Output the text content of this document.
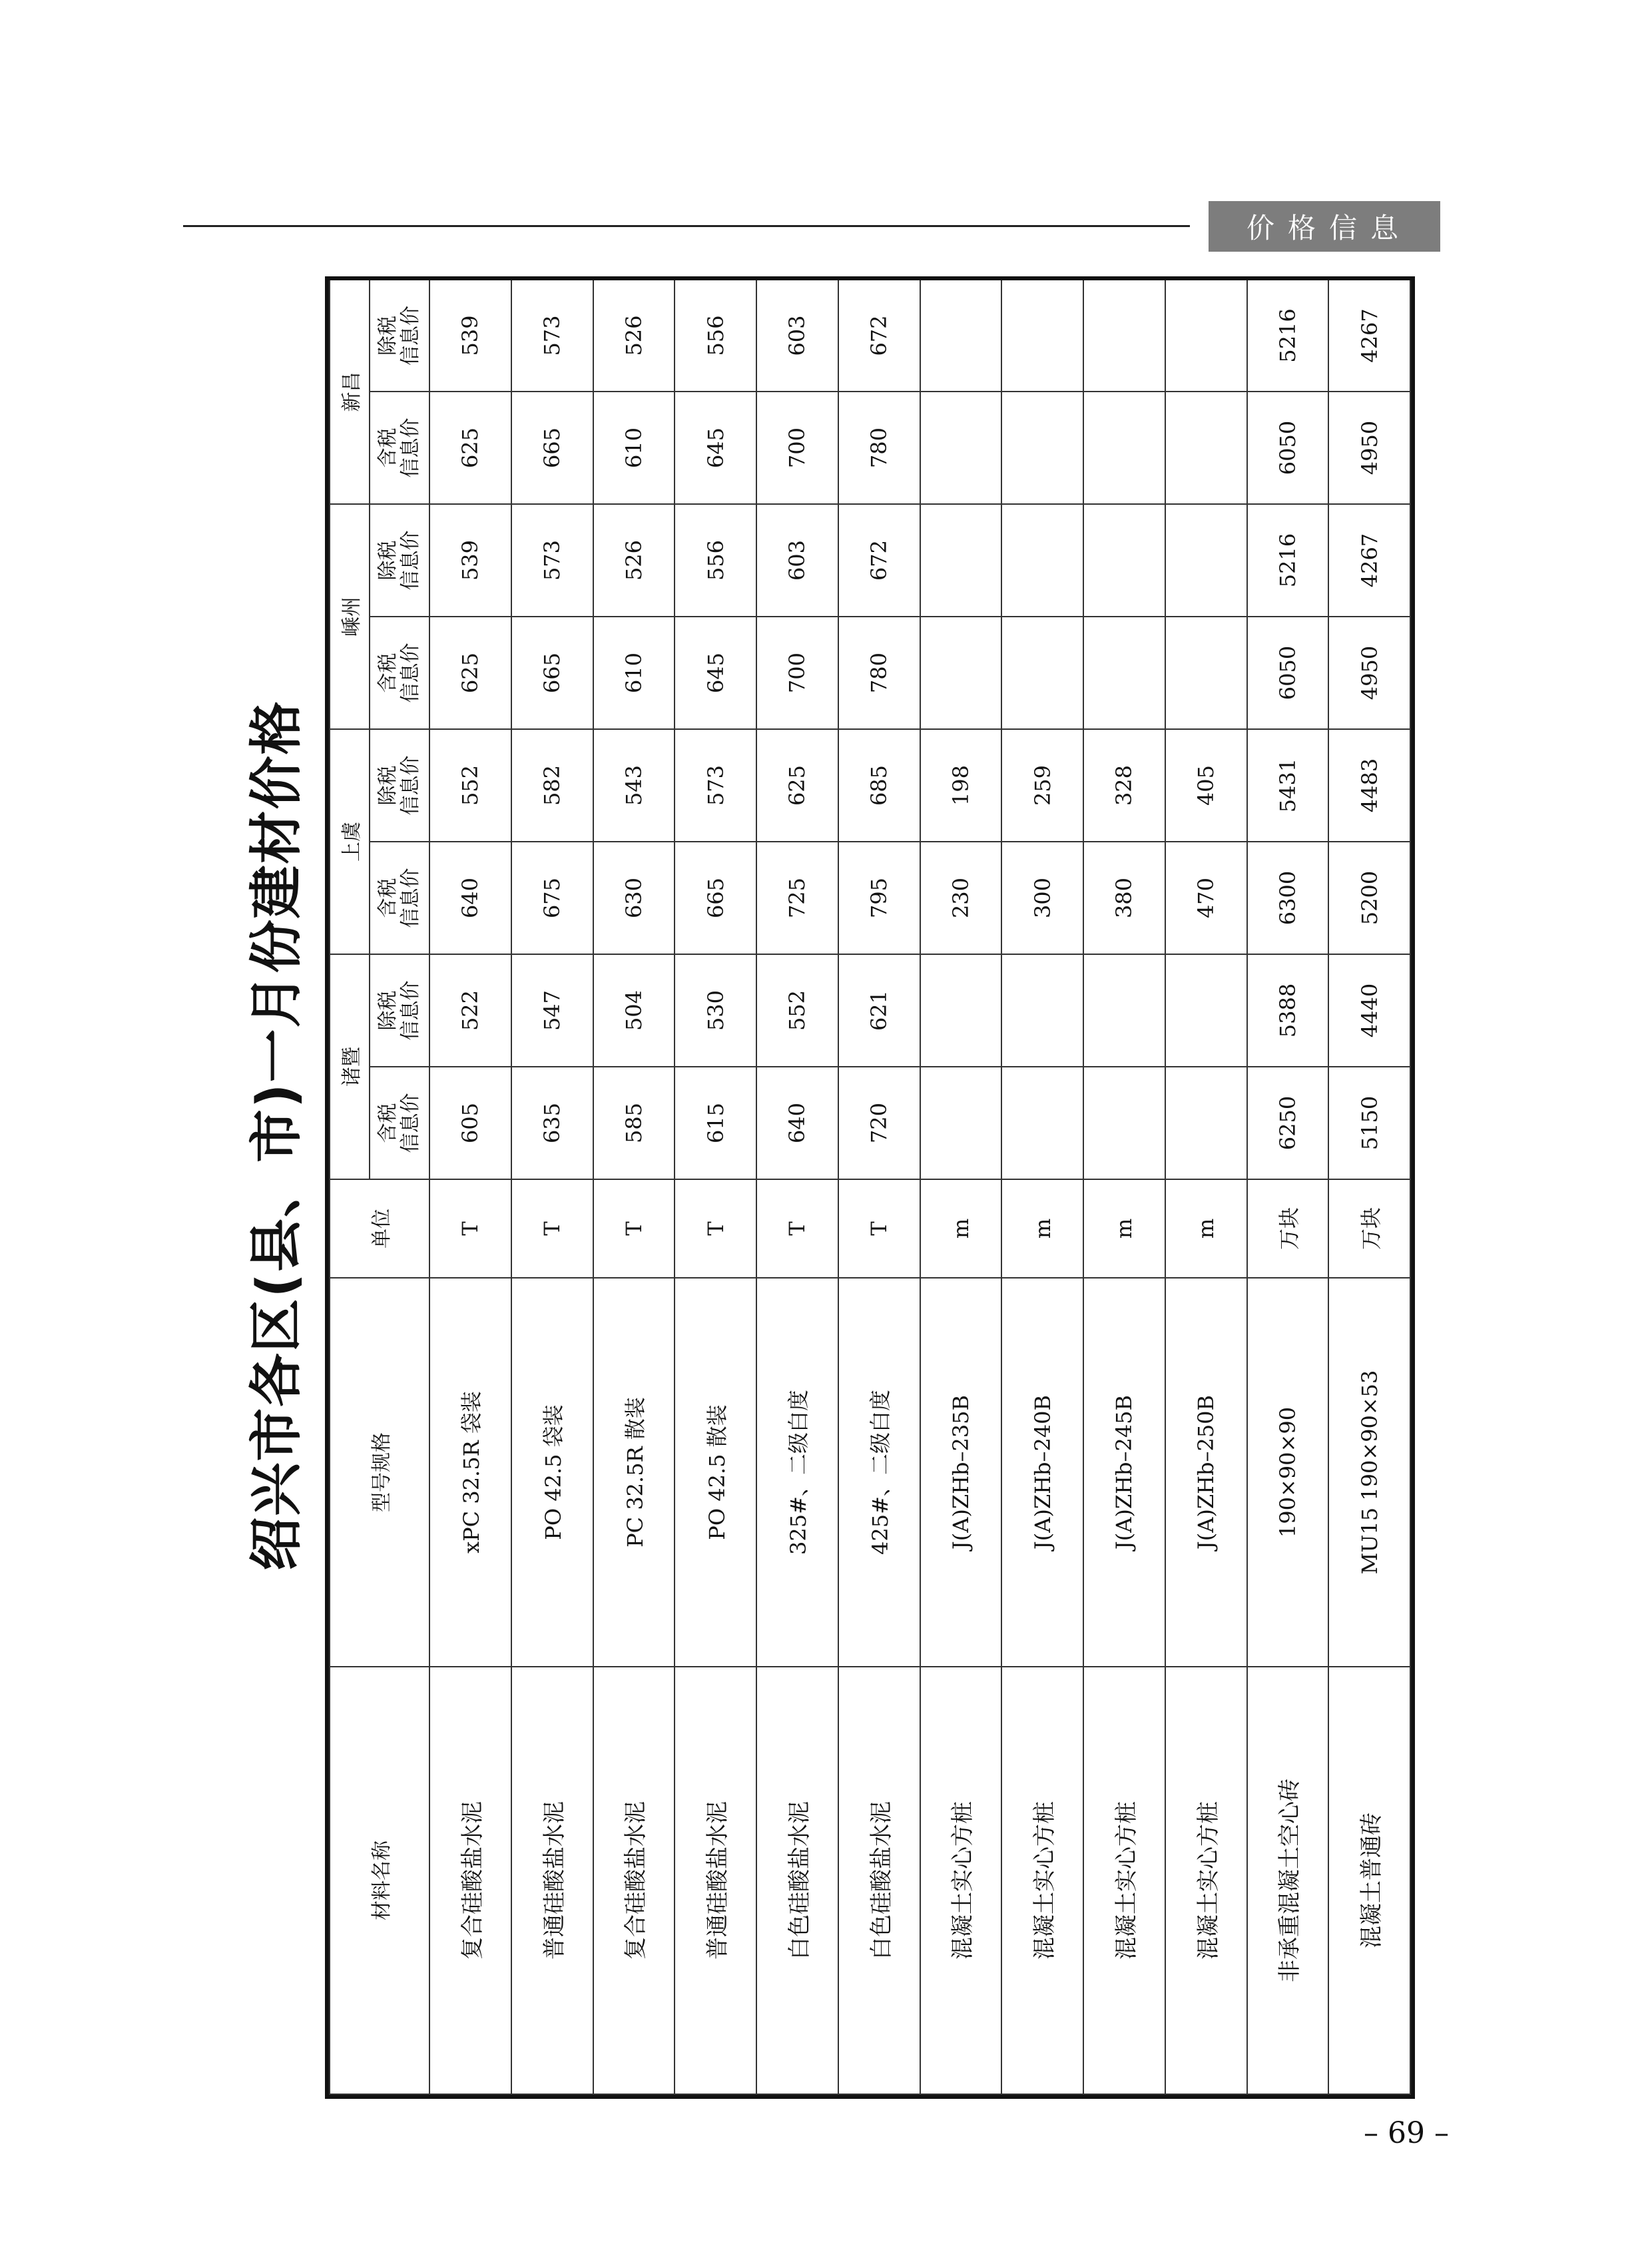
价格信息
绍兴市各区(县、市)一月份建材价格
材料名称	型号规格	单位	诸暨		上虞		嵊州		新昌	

			含税 信息价	除税 信息价	含税 信息价	除税 信息价	含税 信息价	除税 信息价	含税 信息价	除税 信息价

复合硅酸盐水泥	xPC 32.5R 袋装	T	605	522	640	552	625	539	625	539
普通硅酸盐水泥	PO 42.5 袋装	T	635	547	675	582	665	573	665	573
复合硅酸盐水泥	PC 32.5R 散装	T	585	504	630	543	610	526	610	526
普通硅酸盐水泥	PO 42.5 散装	T	615	530	665	573	645	556	645	556
白色硅酸盐水泥	325#、二级白度	T	640	552	725	625	700	603	700	603
白色硅酸盐水泥	425#、二级白度	T	720	621	795	685	780	672	780	672
混凝土实心方桩	J(A)ZHb–235B	m			230	198				
混凝土实心方桩	J(A)ZHb–240B	m			300	259				
混凝土实心方桩	J(A)ZHb–245B	m			380	328				
混凝土实心方桩	J(A)ZHb–250B	m			470	405				
非承重混凝土空心砖	190×90×90	万块	6250	5388	6300	5431	6050	5216	6050	5216
混凝土普通砖	MU15 190×90×53	万块	5150	4440	5200	4483	4950	4267	4950	4267
– 69 –
